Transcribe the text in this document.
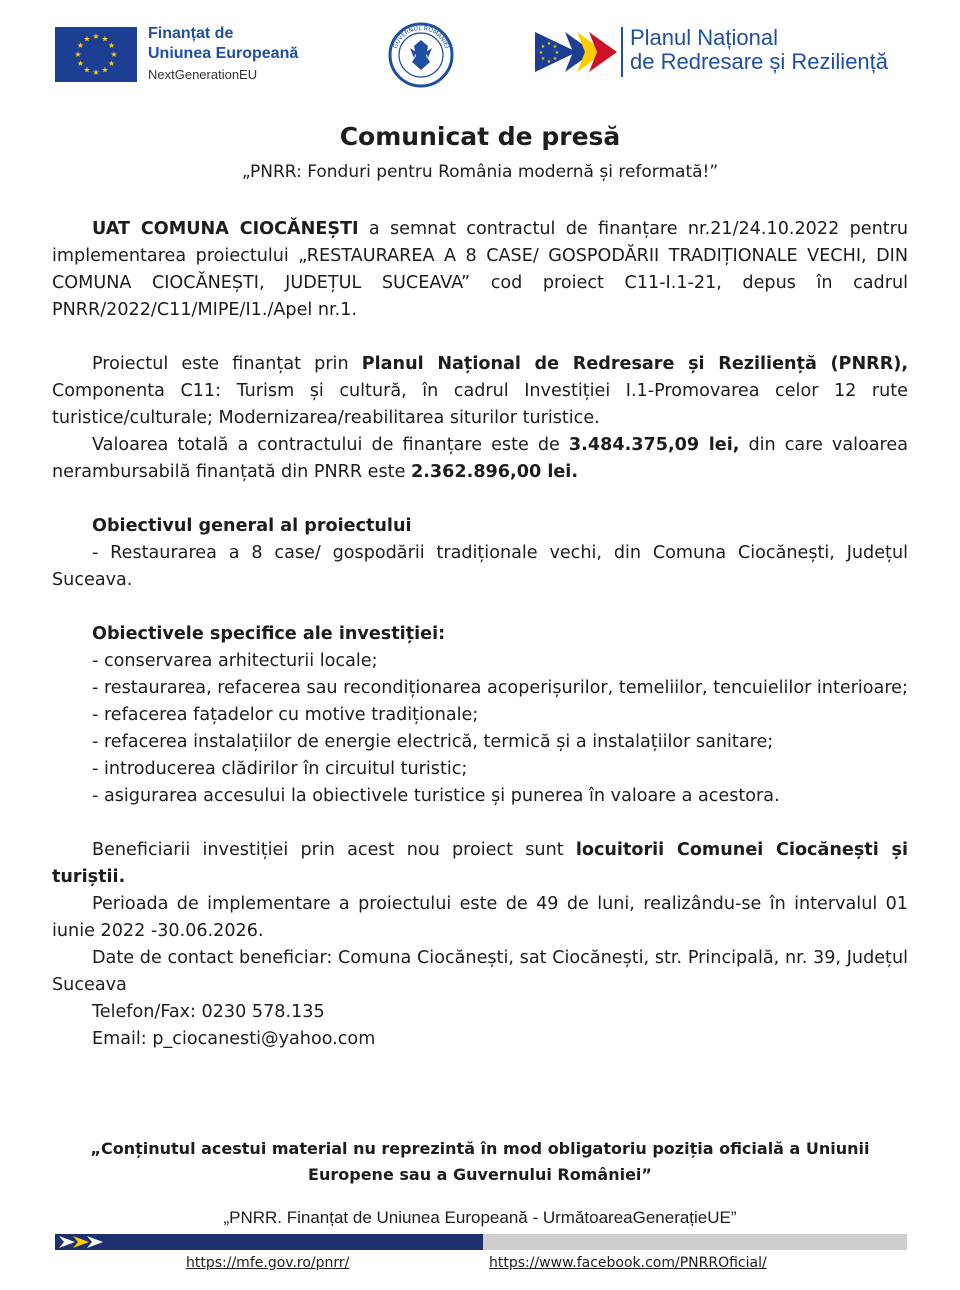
★ ★
★
★
★
★
★
★
★
★
★
★	Finanțat de
Uniunea Europeană
NextGenerationEU
GUVERNUL ROMÂNIEI
★ ★
★
★
★
★
★
★	Planul Național
de Redresare și Reziliență
Comunicat de presă

„PNRR: Fonduri pentru România modernă și reformată!”

UAT COMUNA CIOCĂNEȘTI a semnat contractul de finanțare nr.21/24.10.2022 pentru implementarea proiectului „RESTAURAREA A 8 CASE/ GOSPODĂRII TRADIȚIONALE VECHI, DIN COMUNA CIOCĂNEȘTI, JUDEȚUL SUCEAVA” cod proiect C11-I.1-21, depus în cadrul PNRR/2022/C11/MIPE/I1./Apel nr.1.

Proiectul este finanțat prin Planul Național de Redresare și Reziliență (PNRR), Componenta C11: Turism și cultură, în cadrul Investiției I.1-Promovarea celor 12 rute turistice/culturale; Modernizarea/reabilitarea siturilor turistice.

Valoarea totală a contractului de finanțare este de 3.484.375,09 lei, din care valoarea nerambursabilă finanțată din PNRR este 2.362.896,00 lei.

Obiectivul general al proiectului

- Restaurarea a 8 case/ gospodării tradiționale vechi, din Comuna Ciocănești, Județul Suceava.

Obiectivele specifice ale investiției:

- conservarea arhitecturii locale;

- restaurarea, refacerea sau recondiționarea acoperișurilor, temeliilor, tencuielilor interioare;

- refacerea fațadelor cu motive tradiționale;

- refacerea instalațiilor de energie electrică, termică și a instalațiilor sanitare;

- introducerea clădirilor în circuitul turistic;

- asigurarea accesului la obiectivele turistice și punerea în valoare a acestora.

Beneficiarii investiției prin acest nou proiect sunt locuitorii Comunei Ciocănești și turiștii.

Perioada de implementare a proiectului este de 49 de luni, realizându-se în intervalul 01 iunie 2022 -30.06.2026.

Date de contact beneficiar: Comuna Ciocănești, sat Ciocănești, str. Principală, nr. 39, Județul Suceava

Telefon/Fax: 0230 578.135

Email: p_ciocanesti@yahoo.com

„Conținutul acestui material nu reprezintă în mod obligatoriu poziția oficială a Uniunii
Europene sau a Guvernului României”

„PNRR. Finanțat de Uniunea Europeană - UrmătoareaGenerațieUE”

https://mfe.gov.ro/pnrr/	https://www.facebook.com/PNRROficial/
